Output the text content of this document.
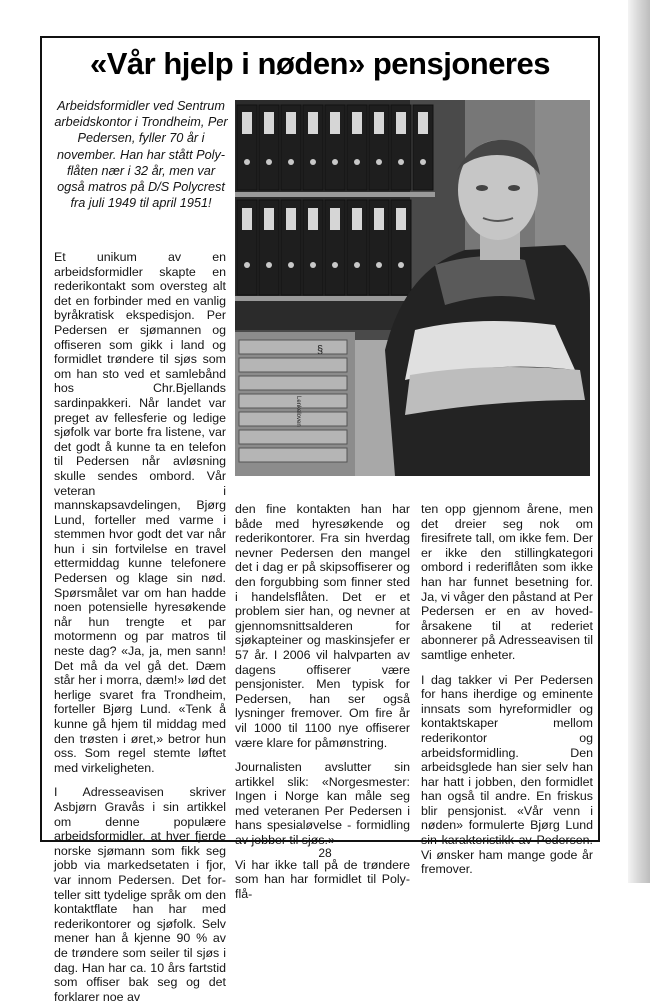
«Vår hjelp i nøden» pensjoneres

Arbeidsformidler ved Sentrum arbeidskontor i Trondheim, Per Pedersen, fyller 70 år i november. Han har stått Poly-flåten nær i 32 år, men var også matros på D/S Polycrest fra juli 1949 til april 1951!

§
Lenkeloven

Et unikum av en arbeidsformidler skapte en rederikontakt som oversteg alt det en forbinder med en vanlig byråkratisk ekspedisjon. Per Pedersen er sjømannen og offiseren som gikk i land og formidlet trøndere til sjøs som om han sto ved et samlebånd hos Chr.Bjellands sardinpakkeri. Når landet var preget av fellesferie og ledige sjøfolk var borte fra listene, var det godt å kunne ta en telefon til Pedersen når avløsning skulle sendes ombord. Vår veteran i mannskapsavdelingen, Bjørg Lund, forteller med varme i stemmen hvor godt det var når hun i sin fortvilelse en travel ettermiddag kunne telefonere Pedersen og klage sin nød. Spørsmålet var om han hadde noen potensielle hyresøkende når hun trengte et par motormenn og par matros til neste dag? «Ja, ja, men sann! Det må da vel gå det. Dæm står her i morra, dæm!» lød det herlige svaret fra Trondheim, forteller Bjørg Lund. «Tenk å kunne gå hjem til middag med den trøsten i øret,» betror hun oss. Som regel stemte løftet med virkeligheten.

I Adresseavisen skriver Asbjørn Gravås i sin artikkel om denne populære arbeidsformidler, at hver fjerde norske sjømann som fikk seg jobb via markedsetaten i fjor, var innom Pedersen. Det forteller sitt tydelige språk om den kontaktflate han har med rederikontorer og sjøfolk. Selv mener han å kjenne 90 % av de trøndere som seiler til sjøs i dag. Han har ca. 10 års fartstid som offiser bak seg og det forklarer noe av

den fine kontakten han har både med hyresøkende og rederikontorer. Fra sin hverdag nevner Pedersen den mangel det i dag er på skipsoffiserer og den forgubbing som finner sted i handelsflåten. Det er et problem sier han, og nevner at gjennomsnittsalderen for sjøkapteiner og maskinsjefer er 57 år. I 2006 vil halvparten av dagens offiserer være pensjonister. Men typisk for Pedersen, han ser også lysninger fremover. Om fire år vil 1000 til 1100 nye offiserer være klare for påmønstring.

Journalisten avslutter sin artikkel slik: «Norgesmester: Ingen i Norge kan måle seg med veteranen Per Pedersen i hans spesialøvelse - formidling av jobber til sjøs.»

Vi har ikke tall på de trøndere som han har formidlet til Poly-flå-

ten opp gjennom årene, men det dreier seg nok om firesifrete tall, om ikke fem. Der er ikke den stillingkategori ombord i rederiflåten som ikke han har funnet besetning for. Ja, vi våger den påstand at Per Pedersen er en av hovedårsakene til at rederiet abonnerer på Adresseavisen til samtlige enheter.

I dag takker vi Per Pedersen for hans iherdige og eminente innsats som hyreformidler og kontaktskaper mellom rederikontor og arbeidsformidling. Den arbeidsglede han sier selv han har hatt i jobben, den formidlet han også til andre. En friskus blir pensjonist. «Vår venn i nøden» formulerte Bjørg Lund sin karakteristikk av Pedersen. Vi ønsker ham mange gode år fremover.

28
